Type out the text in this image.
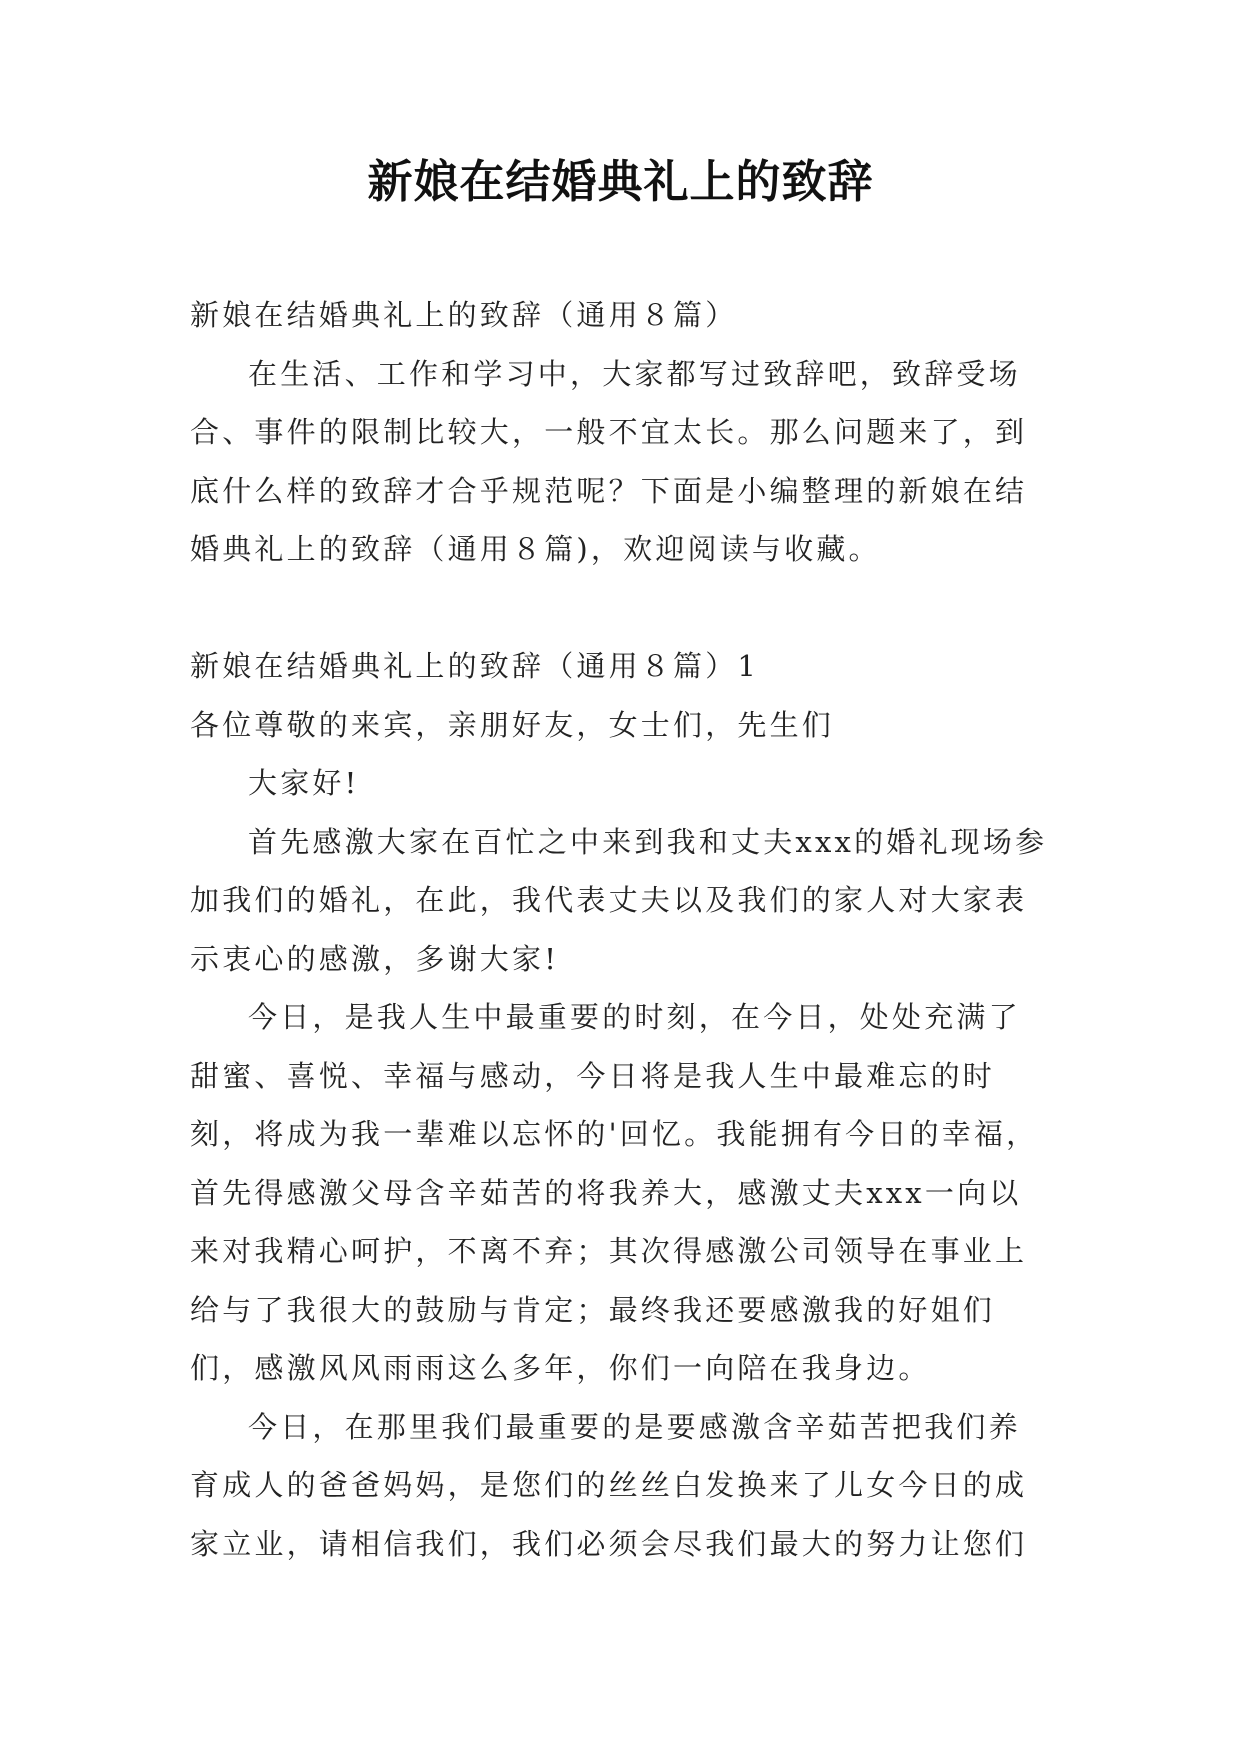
新娘在结婚典礼上的致辞

新娘在结婚典礼上的致辞（通用８篇）

在生活、工作和学习中，大家都写过致辞吧，致辞受场合、事件的限制比较大，一般不宜太长。那么问题来了，到底什么样的致辞才合乎规范呢？下面是小编整理的新娘在结婚典礼上的致辞（通用８篇)，欢迎阅读与收藏。

新娘在结婚典礼上的致辞（通用８篇）1

各位尊敬的来宾，亲朋好友，女士们，先生们

大家好!

首先感激大家在百忙之中来到我和丈夫xxx的婚礼现场参加我们的婚礼，在此，我代表丈夫以及我们的家人对大家表示衷心的感激，多谢大家!

今日，是我人生中最重要的时刻，在今日，处处充满了甜蜜、喜悦、幸福与感动，今日将是我人生中最难忘的时刻，将成为我一辈难以忘怀的'回忆。我能拥有今日的幸福，首先得感激父母含辛茹苦的将我养大，感激丈夫xxx一向以来对我精心呵护，不离不弃；其次得感激公司领导在事业上给与了我很大的鼓励与肯定；最终我还要感激我的好姐们们，感激风风雨雨这么多年，你们一向陪在我身边。

今日，在那里我们最重要的是要感激含辛茹苦把我们养育成人的爸爸妈妈，是您们的丝丝白发换来了儿女今日的成家立业，请相信我们，我们必须会尽我们最大的努力让您们
